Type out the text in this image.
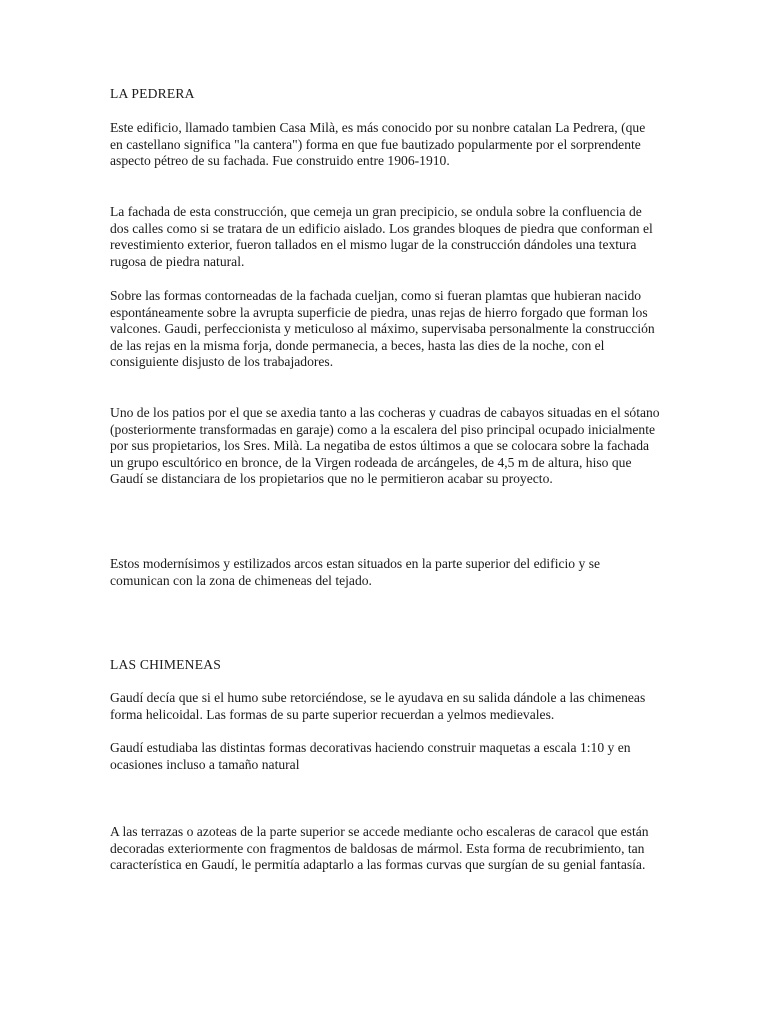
LA PEDRERA

Este edificio, llamado tambien Casa Milà, es más conocido por su nonbre catalan La Pedrera, (que en castellano significa "la cantera") forma en que fue bautizado popularmente por el sorprendente aspecto pétreo de su fachada. Fue construido entre 1906-1910.

La fachada de esta construcción, que cemeja un gran precipicio, se ondula sobre la confluencia de dos calles como si se tratara de un edificio aislado. Los grandes bloques de piedra que conforman el revestimiento exterior, fueron tallados en el mismo lugar de la construcción dándoles una textura rugosa de piedra natural.

Sobre las formas contorneadas de la fachada cueljan, como si fueran plamtas que hubieran nacido espontáneamente sobre la avrupta superficie de piedra, unas rejas de hierro forgado que forman los valcones. Gaudi, perfeccionista y meticuloso al máximo, supervisaba personalmente la construcción de las rejas en la misma forja, donde permanecia, a beces, hasta las dies de la noche, con el consiguiente disjusto de los trabajadores.

Uno de los patios por el que se axedia tanto a las cocheras y cuadras de cabayos situadas en el sótano (posteriormente transformadas en garaje) como a la escalera del piso principal ocupado inicialmente por sus propietarios, los Sres. Milà. La negatiba de estos últimos a que se colocara sobre la fachada un grupo escultórico en bronce, de la Virgen rodeada de arcángeles, de 4,5 m de altura, hiso que Gaudí se distanciara de los propietarios que no le permitieron acabar su proyecto.

Estos modernísimos y estilizados arcos estan situados en la parte superior del edificio y se comunican con la zona de chimeneas del tejado.

LAS CHIMENEAS

Gaudí decía que si el humo sube retorciéndose, se le ayudava en su salida dándole a las chimeneas forma helicoidal. Las formas de su parte superior recuerdan a yelmos medievales.

Gaudí estudiaba las distintas formas decorativas haciendo construir maquetas a escala 1:10 y en ocasiones incluso a tamaño natural

A las terrazas o azoteas de la parte superior se accede mediante ocho escaleras de caracol que están decoradas exteriormente con fragmentos de baldosas de mármol. Esta forma de recubrimiento, tan característica en Gaudí, le permitía adaptarlo a las formas curvas que surgían de su genial fantasía.
